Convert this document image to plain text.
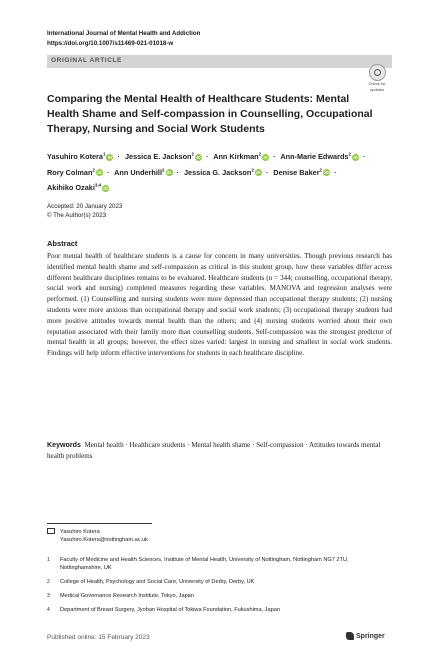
International Journal of Mental Health and Addiction
https://doi.org/10.1007/s11469-021-01018-w
ORIGINAL ARTICLE
Check for
updates
Comparing the Mental Health of Healthcare Students: Mental Health Shame and Self-compassion in Counselling, Occupational Therapy, Nursing and Social Work Students
Yasuhiro Kotera$^1$iD · Jessica E. Jackson$^2$iD · Ann Kirkman$^2$iD · Ann-Marie Edwards$^2$iD ·
Rory Colman$^2$iD · Ann Underhill$^2$iD · Jessica G. Jackson$^2$iD · Denise Baker$^2$iD ·
Akihiko Ozaki$^{3,4}$iD
Accepted: 20 January 2023
© The Author(s) 2023
Abstract
Poor mental health of healthcare students is a cause for concern in many universities. Though previous research has identified mental health shame and self-compassion as critical in this student group, how these variables differ across different healthcare disciplines remains to be evaluated. Healthcare students (n = 344; counselling, occupational therapy, social work and nursing) completed measures regarding these variables. MANOVA and regression analyses were performed. (1) Counselling and nursing students were more depressed than occupational therapy students; (2) nursing students were more anxious than occupational therapy and social work students; (3) occupational therapy students had more positive attitudes towards mental health than the others; and (4) nursing students worried about their own reputation associated with their family more than counselling students. Self-compassion was the strongest predictor of mental health in all groups; however, the effect sizes varied: largest in nursing and smallest in social work students. Findings will help inform effective interventions for students in each healthcare discipline.
Keywords Mental health · Healthcare students · Mental health shame · Self-compassion · Attitudes towards mental health problems
Yasuhiro Kotera
Yasuhiro.Kotera@nottingham.ac.uk
1 Faculty of Medicine and Health Sciences, Institute of Mental Health, University of Nottingham, Nottingham NG7 2TU, Nottinghamshire, UK
2 College of Health, Psychology and Social Care, University of Derby, Derby, UK
3 Medical Governance Research Institute, Tokyo, Japan
4 Department of Breast Surgery, Jyoban Hospital of Tokiwa Foundation, Fukushima, Japan
Published online: 15 February 2023	Springer
